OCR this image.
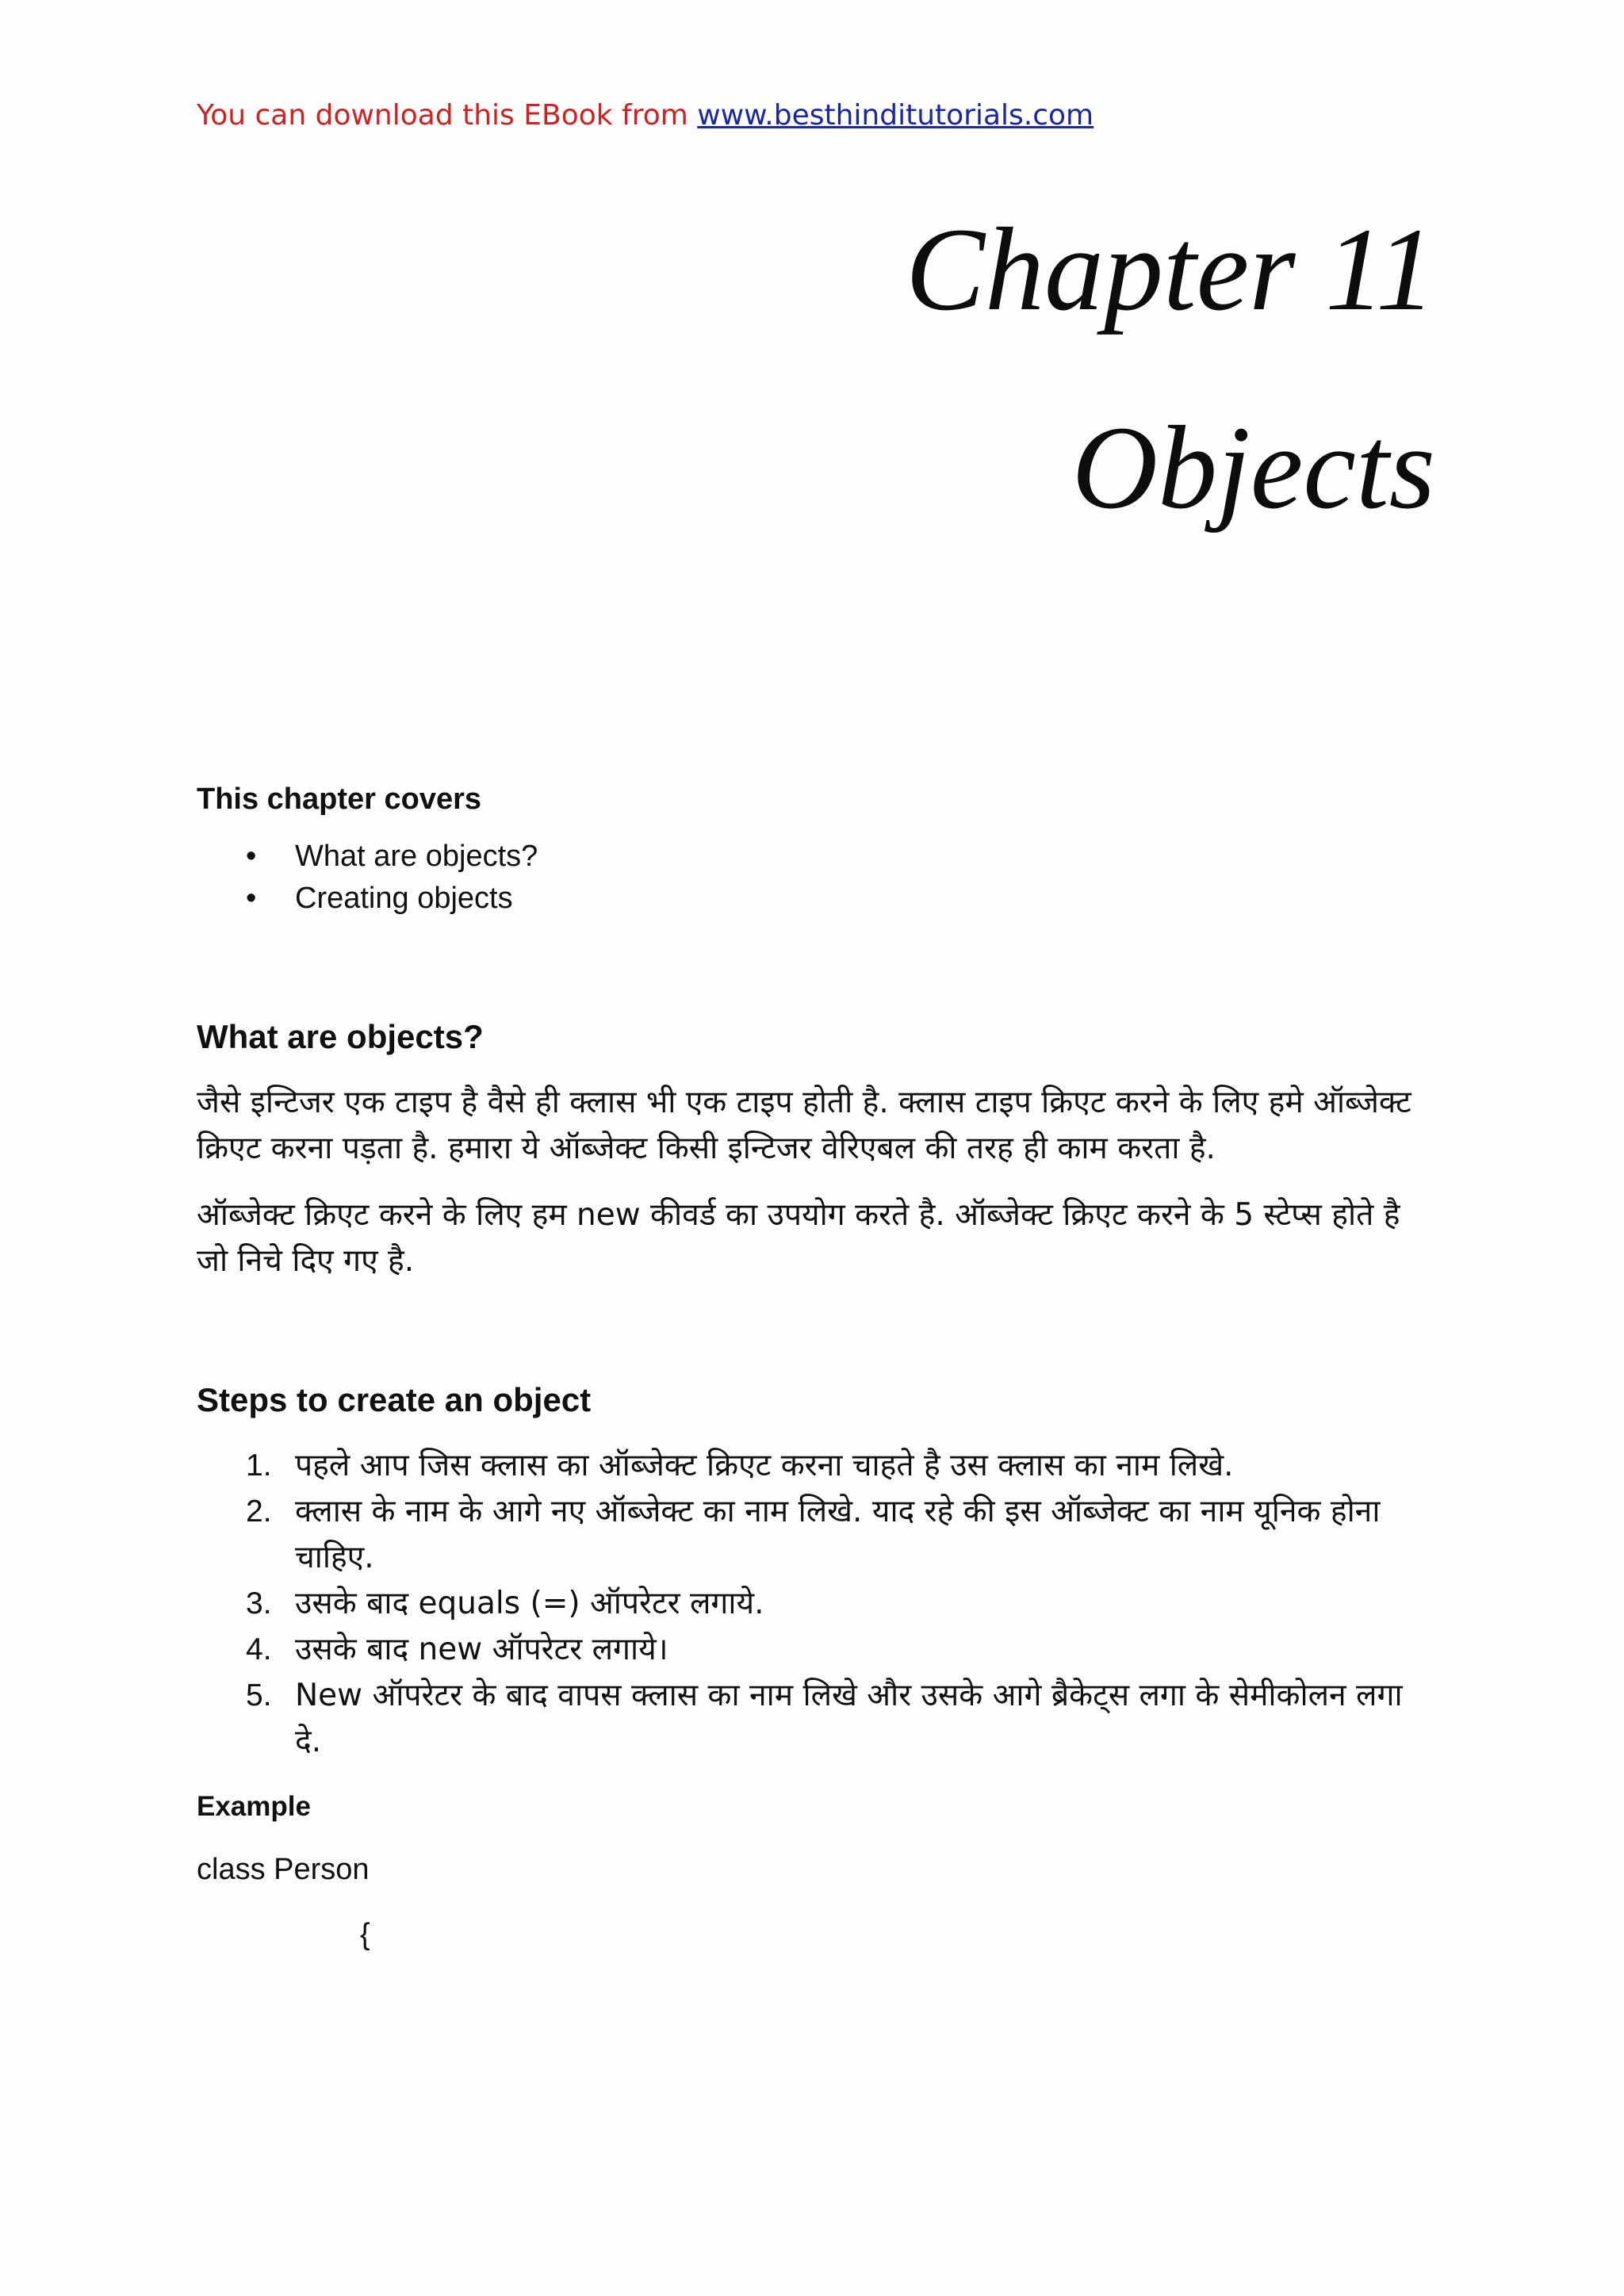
You can download this EBook from www.besthinditutorials.com
Chapter 11
Objects
This chapter covers
• What are objects?
• Creating objects
What are objects?

जैसे इन्टिजर एक टाइप है वैसे ही क्लास भी एक टाइप होती है. क्लास टाइप क्रिएट करने के लिए हमे ऑब्जेक्ट क्रिएट करना पड़ता है. हमारा ये ऑब्जेक्ट किसी इन्टिजर वेरिएबल की तरह ही काम करता है.

ऑब्जेक्ट क्रिएट करने के लिए हम new कीवर्ड का उपयोग करते है. ऑब्जेक्ट क्रिएट करने के 5 स्टेप्स होते है जो निचे दिए गए है.

Steps to create an object
1. पहले आप जिस क्लास का ऑब्जेक्ट क्रिएट करना चाहते है उस क्लास का नाम लिखे.
2. क्लास के नाम के आगे नए ऑब्जेक्ट का नाम लिखे. याद रहे की इस ऑब्जेक्ट का नाम यूनिक होना चाहिए.
3. उसके बाद equals (=) ऑपरेटर लगाये.
4. उसके बाद new ऑपरेटर लगाये।
5. New ऑपरेटर के बाद वापस क्लास का नाम लिखे और उसके आगे ब्रैकेट्स लगा के सेमीकोलन लगा दे.
Example
class Person
{
